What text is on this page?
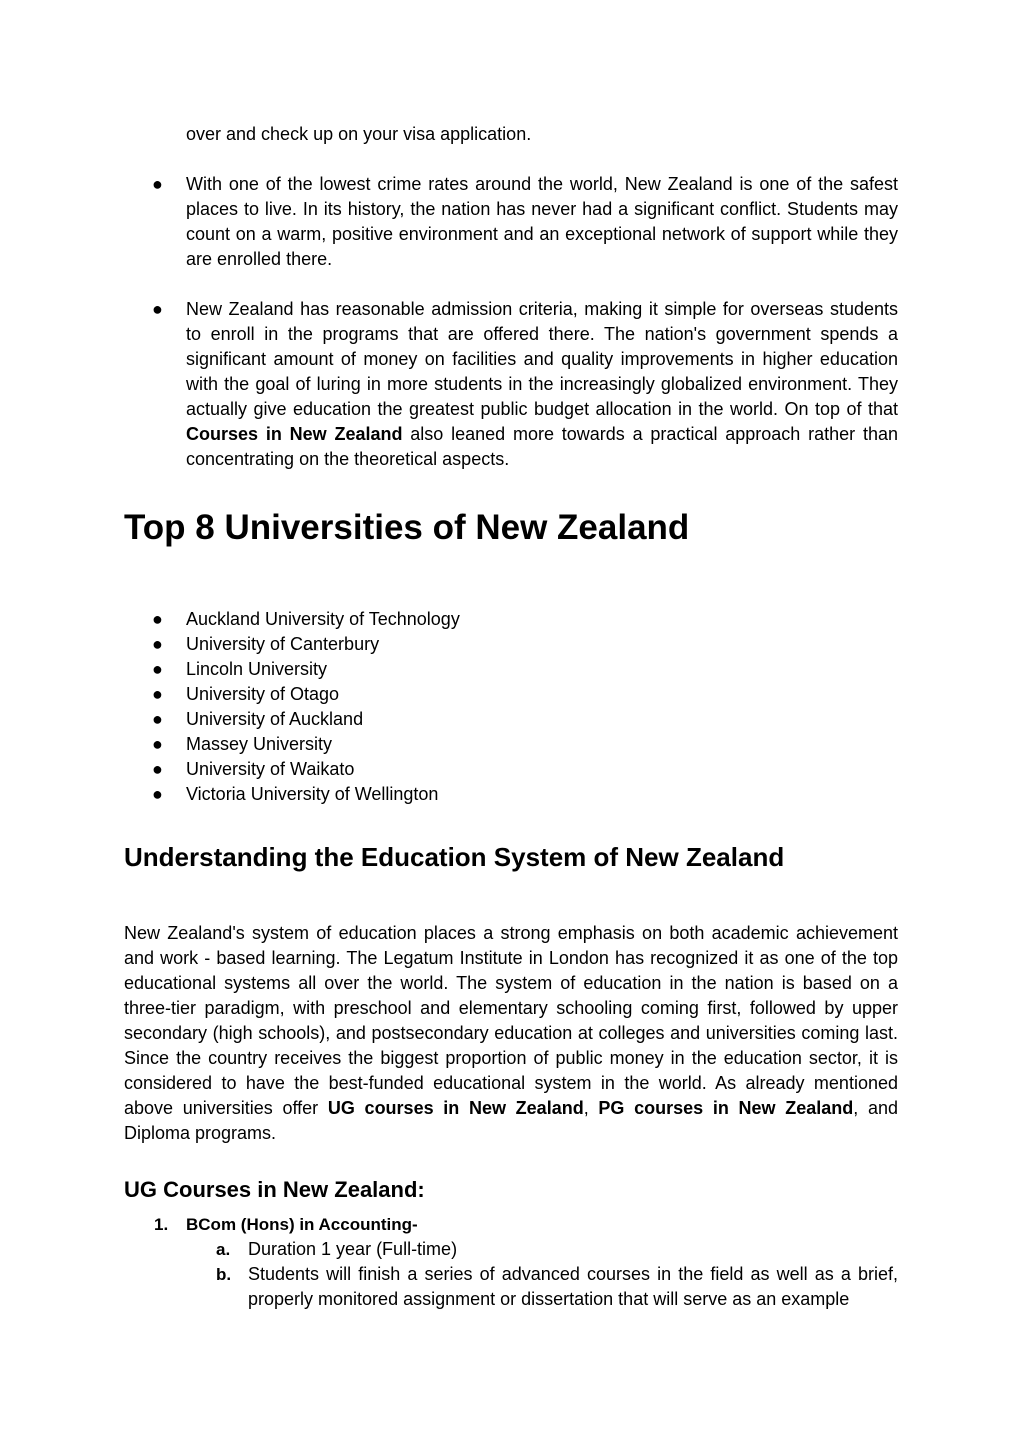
over and check up on your visa application.

● With one of the lowest crime rates around the world, New Zealand is one of the safest places to live. In its history, the nation has never had a significant conflict. Students may count on a warm, positive environment and an exceptional network of support while they are enrolled there.

● New Zealand has reasonable admission criteria, making it simple for overseas students to enroll in the programs that are offered there. The nation's government spends a significant amount of money on facilities and quality improvements in higher education with the goal of luring in more students in the increasingly globalized environment. They actually give education the greatest public budget allocation in the world. On top of that Courses in New Zealand also leaned more towards a practical approach rather than concentrating on the theoretical aspects.

Top 8 Universities of New Zealand
● Auckland University of Technology
● University of Canterbury
● Lincoln University
● University of Otago
● University of Auckland
● Massey University
● University of Waikato
● Victoria University of Wellington
Understanding the Education System of New Zealand

New Zealand's system of education places a strong emphasis on both academic achievement and work - based learning. The Legatum Institute in London has recognized it as one of the top educational systems all over the world. The system of education in the nation is based on a three-tier paradigm, with preschool and elementary schooling coming first, followed by upper secondary (high schools), and postsecondary education at colleges and universities coming last. Since the country receives the biggest proportion of public money in the education sector, it is considered to have the best-funded educational system in the world. As already mentioned above universities offer UG courses in New Zealand, PG courses in New Zealand, and Diploma programs.

UG Courses in New Zealand:
1. BCom (Hons) in Accounting-
a. Duration 1 year (Full-time)

b. Students will finish a series of advanced courses in the field as well as a brief, properly monitored assignment or dissertation that will serve as an example
